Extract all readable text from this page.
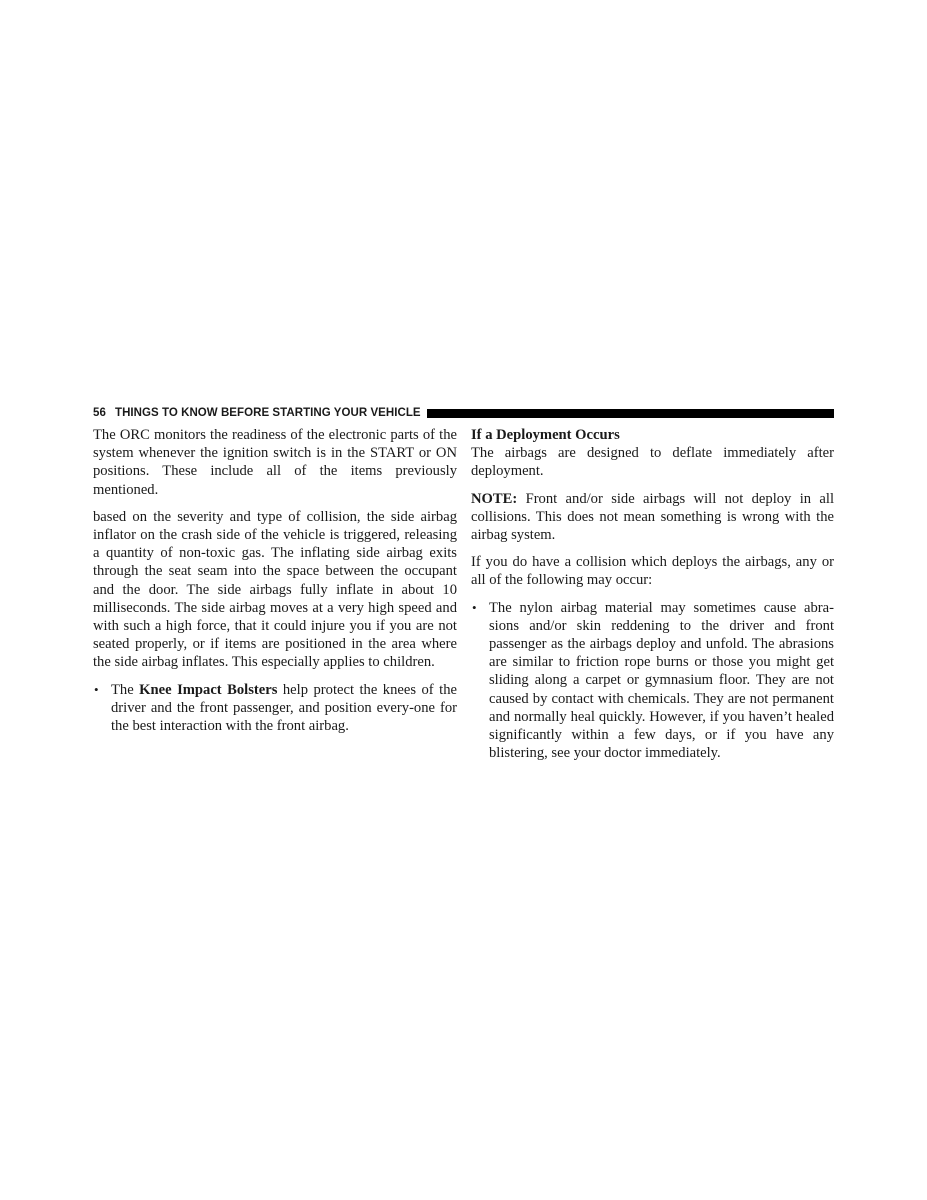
56 THINGS TO KNOW BEFORE STARTING YOUR VEHICLE

The ORC monitors the readiness of the electronic parts of the system whenever the ignition switch is in the START or ON positions. These include all of the items previously mentioned.

based on the severity and type of collision, the side airbag inflator on the crash side of the vehicle is triggered, releasing a quantity of non-toxic gas. The inflating side airbag exits through the seat seam into the space between the occupant and the door. The side airbags fully inflate in about 10 milliseconds. The side airbag moves at a very high speed and with such a high force, that it could injure you if you are not seated properly, or if items are positioned in the area where the side airbag inflates. This especially applies to children.

• The Knee Impact Bolsters help protect the knees of the driver and the front passenger, and position every-one for the best interaction with the front airbag.

If a Deployment Occurs

The airbags are designed to deflate immediately after deployment.

NOTE: Front and/or side airbags will not deploy in all collisions. This does not mean something is wrong with the airbag system.

If you do have a collision which deploys the airbags, any or all of the following may occur:

• The nylon airbag material may sometimes cause abra-sions and/or skin reddening to the driver and front passenger as the airbags deploy and unfold. The abrasions are similar to friction rope burns or those you might get sliding along a carpet or gymnasium floor. They are not caused by contact with chemicals. They are not permanent and normally heal quickly. However, if you haven’t healed significantly within a few days, or if you have any blistering, see your doctor immediately.
